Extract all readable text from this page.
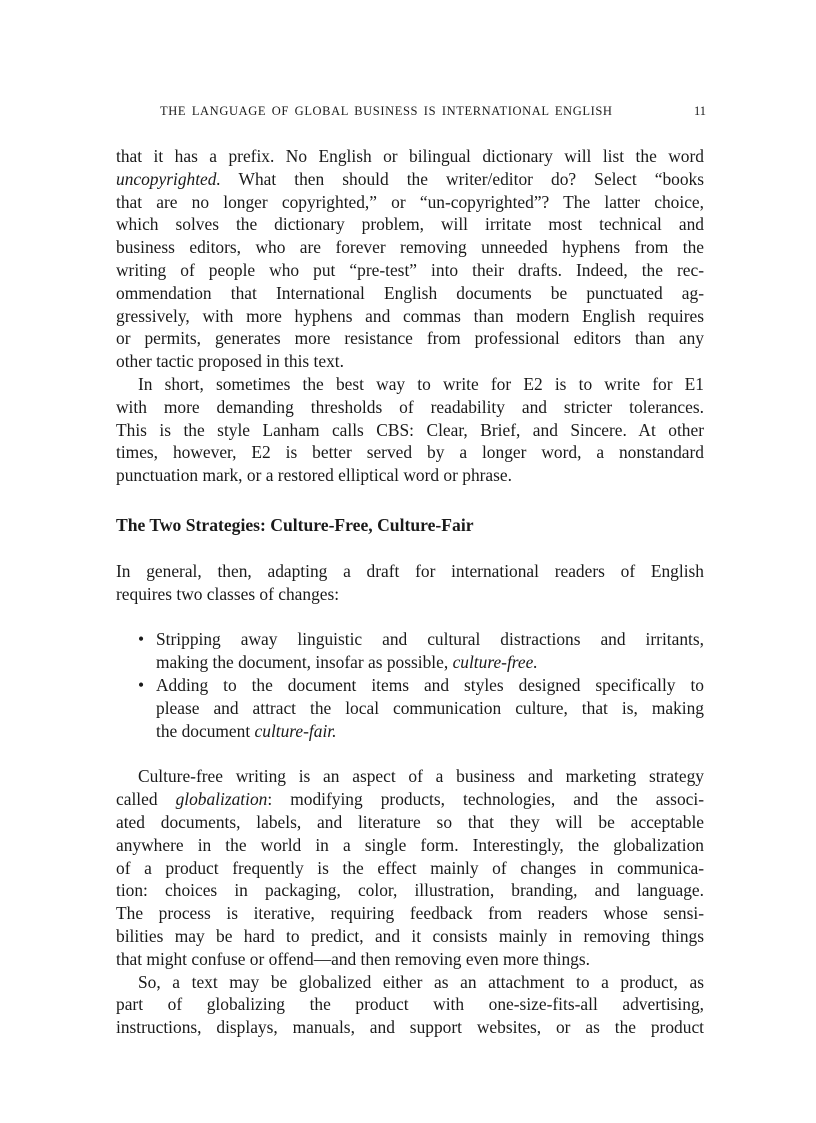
THE LANGUAGE OF GLOBAL BUSINESS IS INTERNATIONAL ENGLISH	11
that it has a prefix. No English or bilingual dictionary will list the word
uncopyrighted. What then should the writer/editor do? Select “books
that are no longer copyrighted,” or “un-copyrighted”? The latter choice,
which solves the dictionary problem, will irritate most technical and
business editors, who are forever removing unneeded hyphens from the
writing of people who put “pre-test” into their drafts. Indeed, the rec-
ommendation that International English documents be punctuated ag-
gressively, with more hyphens and commas than modern English requires
or permits, generates more resistance from professional editors than any
other tactic proposed in this text.
In short, sometimes the best way to write for E2 is to write for E1
with more demanding thresholds of readability and stricter tolerances.
This is the style Lanham calls CBS: Clear, Brief, and Sincere. At other
times, however, E2 is better served by a longer word, a nonstandard
punctuation mark, or a restored elliptical word or phrase.
The Two Strategies: Culture-Free, Culture-Fair
In general, then, adapting a draft for international readers of English
requires two classes of changes:
• Stripping away linguistic and cultural distractions and irritants,
making the document, insofar as possible, culture-free.
• Adding to the document items and styles designed specifically to
please and attract the local communication culture, that is, making
the document culture-fair.
Culture-free writing is an aspect of a business and marketing strategy
called globalization: modifying products, technologies, and the associ-
ated documents, labels, and literature so that they will be acceptable
anywhere in the world in a single form. Interestingly, the globalization
of a product frequently is the effect mainly of changes in communica-
tion: choices in packaging, color, illustration, branding, and language.
The process is iterative, requiring feedback from readers whose sensi-
bilities may be hard to predict, and it consists mainly in removing things
that might confuse or offend—and then removing even more things.
So, a text may be globalized either as an attachment to a product, as
part of globalizing the product with one-size-fits-all advertising,
instructions, displays, manuals, and support websites, or as the product
